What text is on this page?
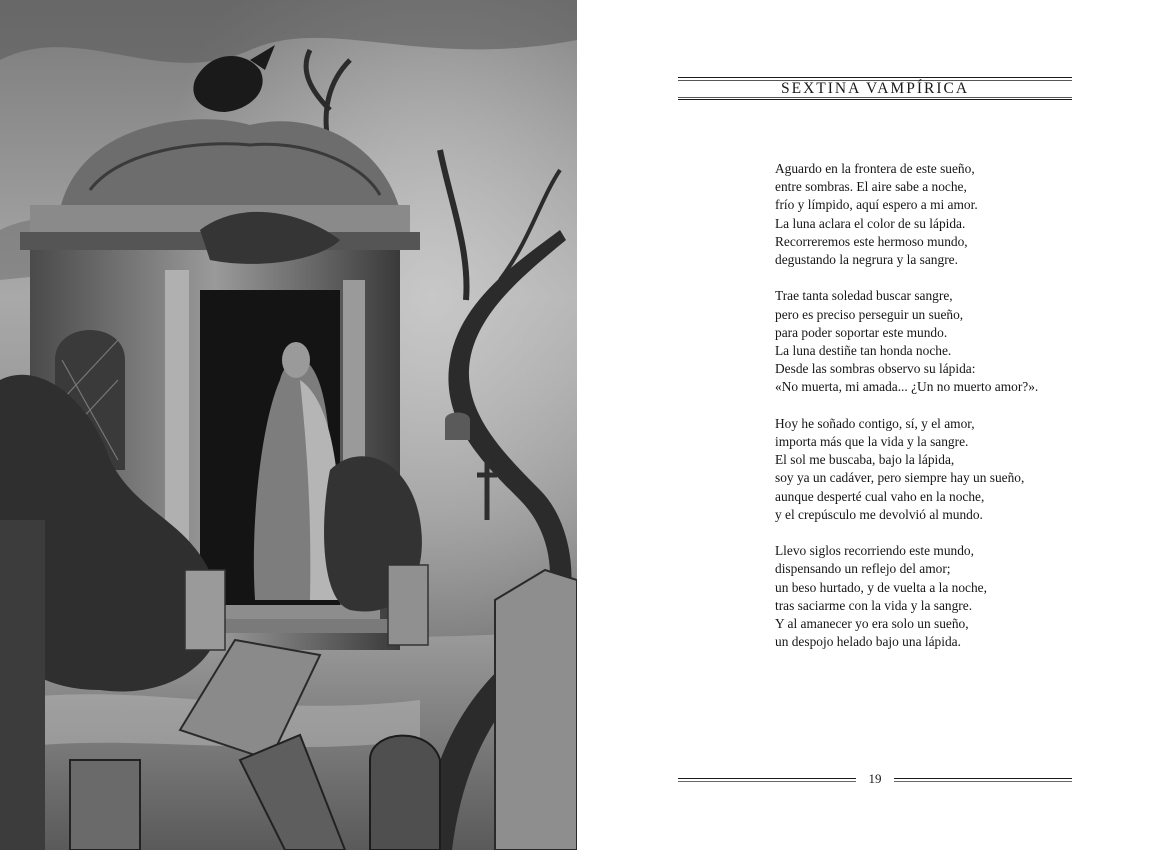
SEXTINA VAMPÍRICA
Aguardo en la frontera de este sueño,
entre sombras. El aire sabe a noche,
frío y límpido, aquí espero a mi amor.
La luna aclara el color de su lápida.
Recorreremos este hermoso mundo,
degustando la negrura y la sangre.
Trae tanta soledad buscar sangre,
pero es preciso perseguir un sueño,
para poder soportar este mundo.
La luna destiñe tan honda noche.
Desde las sombras observo su lápida:
«No muerta, mi amada... ¿Un no muerto amor?».
Hoy he soñado contigo, sí, y el amor,
importa más que la vida y la sangre.
El sol me buscaba, bajo la lápida,
soy ya un cadáver, pero siempre hay un sueño,
aunque desperté cual vaho en la noche,
y el crepúsculo me devolvió al mundo.
Llevo siglos recorriendo este mundo,
dispensando un reflejo del amor;
un beso hurtado, y de vuelta a la noche,
tras saciarme con la vida y la sangre.
Y al amanecer yo era solo un sueño,
un despojo helado bajo una lápida.
19
